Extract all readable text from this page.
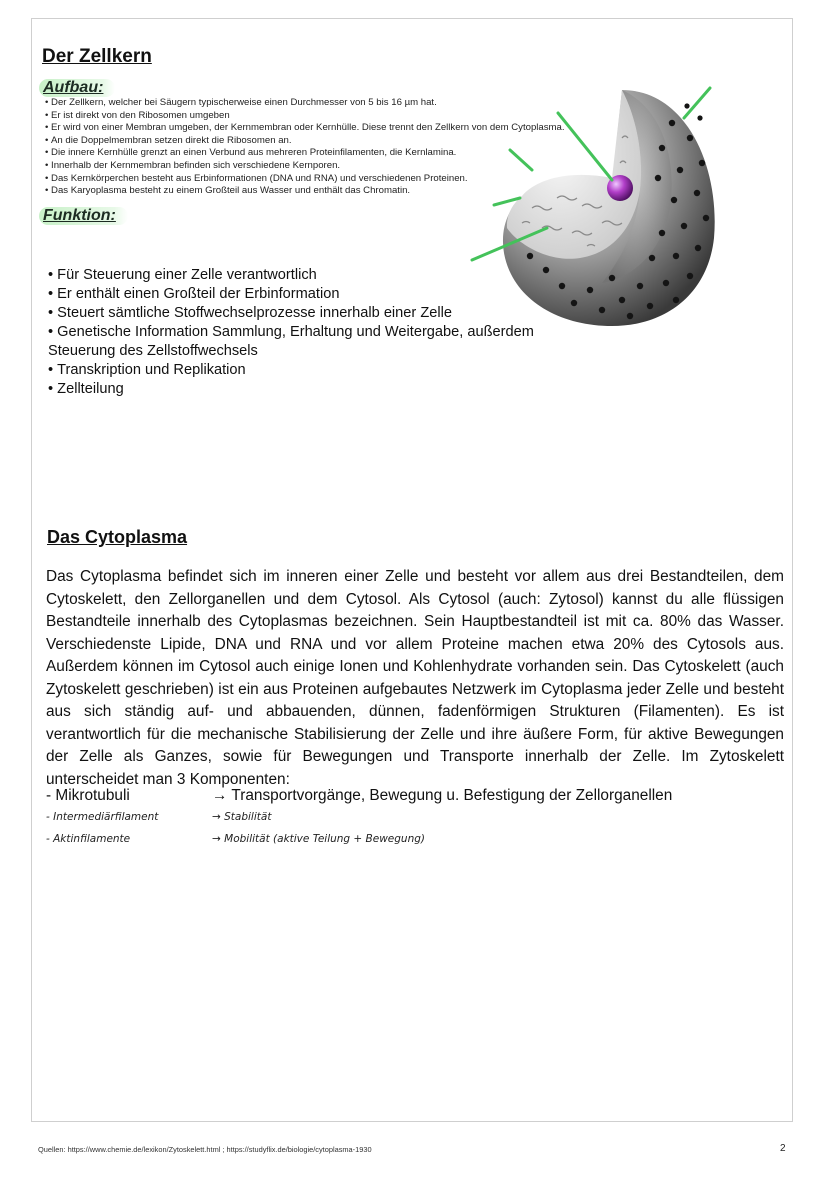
Der Zellkern
Aufbau:
• Der Zellkern, welcher bei Säugern typischerweise einen Durchmesser von 5 bis 16 µm hat.
• Er ist direkt von den Ribosomen umgeben
• Er wird von einer Membran umgeben, der Kernmembran oder Kernhülle. Diese trennt den Zellkern von dem Cytoplasma.
• An die Doppelmembran setzen direkt die Ribosomen an.
• Die innere Kernhülle grenzt an einen Verbund aus mehreren Proteinfilamenten, die Kernlamina.
• Innerhalb der Kernmembran befinden sich verschiedene Kernporen.
• Das Kernkörperchen besteht aus Erbinformationen (DNA und RNA) und verschiedenen Proteinen.
• Das Karyoplasma besteht zu einem Großteil aus Wasser und enthält das Chromatin.
Funktion:
• Für Steuerung einer Zelle verantwortlich
• Er enthält einen Großteil der Erbinformation
• Steuert sämtliche Stoffwechselprozesse innerhalb einer Zelle
• Genetische Information Sammlung, Erhaltung und Weitergabe, außerdem
Steuerung des Zellstoffwechsels
• Transkription und Replikation
• Zellteilung
Das Cytoplasma

Das Cytoplasma befindet sich im inneren einer Zelle und besteht vor allem aus drei Bestandteilen, dem Cytoskelett, den Zellorganellen und dem Cytosol. Als Cytosol (auch: Zytosol) kannst du alle flüssigen Bestandteile innerhalb des Cytoplasmas bezeichnen. Sein Hauptbestandteil ist mit ca. 80% das Wasser. Verschiedenste Lipide, DNA und RNA und vor allem Proteine machen etwa 20% des Cytosols aus. Außerdem können im Cytosol auch einige Ionen und Kohlenhydrate vorhanden sein. Das Cytoskelett (auch Zytoskelett geschrieben) ist ein aus Proteinen aufgebautes Netzwerk im Cytoplasma jeder Zelle und besteht aus sich ständig auf- und abbauenden, dünnen, fadenförmigen Strukturen (Filamenten). Es ist verantwortlich für die mechanische Stabilisierung der Zelle und ihre äußere Form, für aktive Bewegungen der Zelle als Ganzes, sowie für Bewegungen und Transporte innerhalb der Zelle. Im Zytoskelett unterscheidet man 3 Komponenten:

- Mikrotubuli	→ Transportvorgänge, Bewegung u. Befestigung der Zellorganellen
- Intermediärfilament	→ Stabilität
- Aktinfilamente	→ Mobilität (aktive Teilung + Bewegung)
Quellen: https://www.chemie.de/lexikon/Zytoskelett.html ; https://studyflix.de/biologie/cytoplasma-1930	2
